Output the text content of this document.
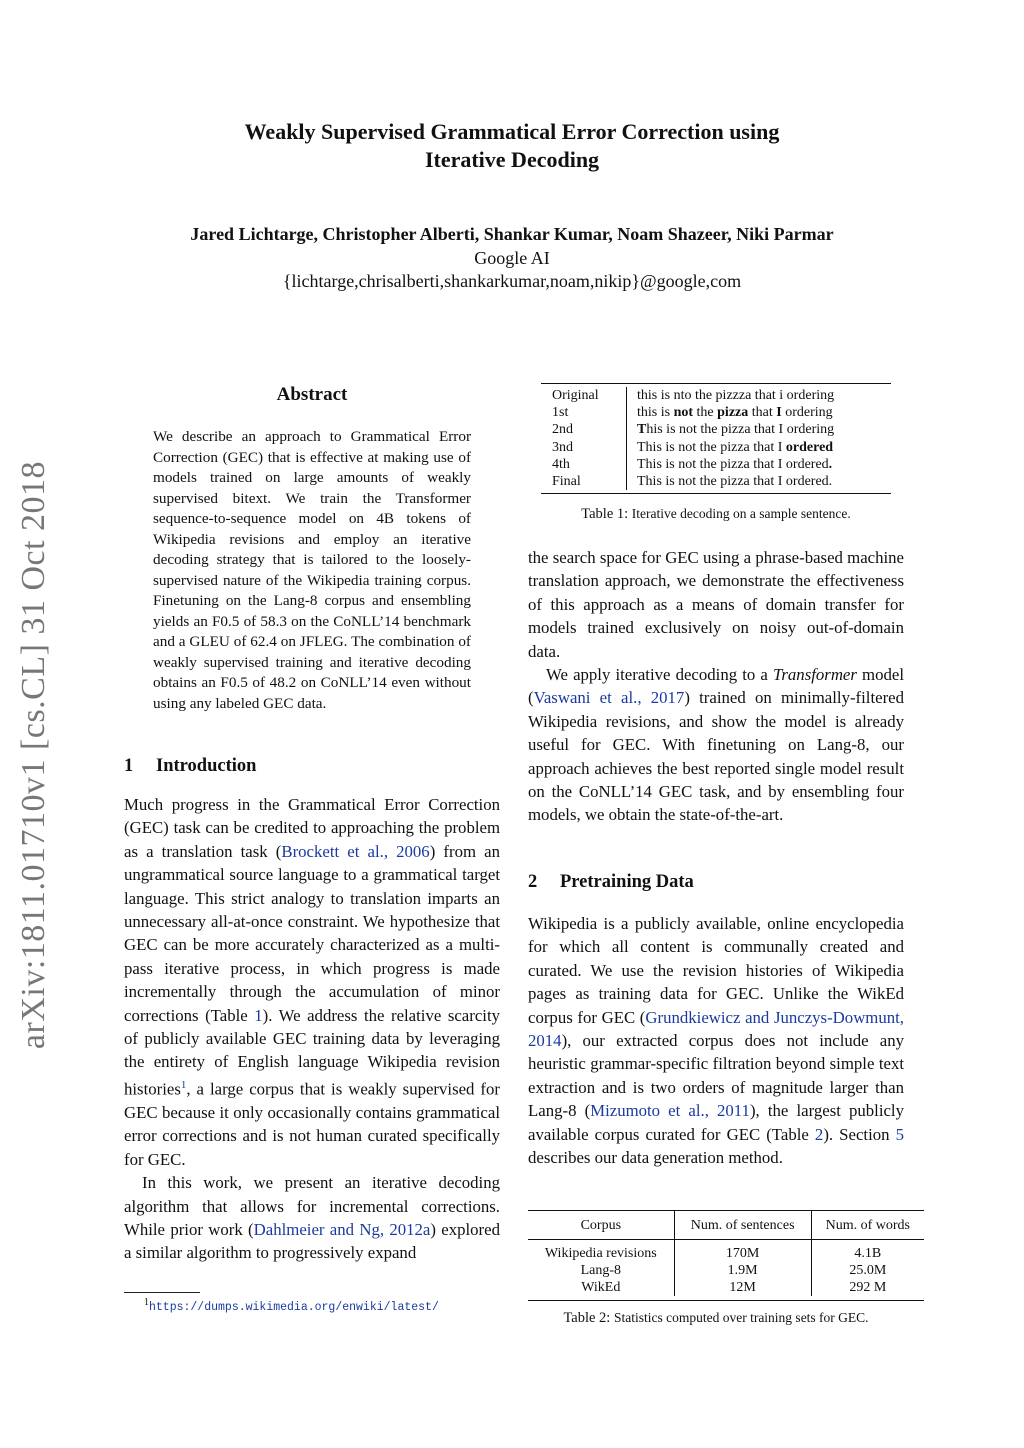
Weakly Supervised Grammatical Error Correction using
Iterative Decoding
Jared Lichtarge, Christopher Alberti, Shankar Kumar, Noam Shazeer, Niki Parmar
Google AI
{lichtarge,chrisalberti,shankarkumar,noam,nikip}@google,com
arXiv:1811.01710v1 [cs.CL] 31 Oct 2018
Abstract
We describe an approach to Grammatical Error Correction (GEC) that is effective at making use of models trained on large amounts of weakly supervised bitext. We train the Transformer sequence-to-sequence model on 4B tokens of Wikipedia revisions and employ an iterative decoding strategy that is tailored to the loosely-supervised nature of the Wikipedia training corpus. Finetuning on the Lang-8 corpus and ensembling yields an F0.5 of 58.3 on the CoNLL’14 benchmark and a GLEU of 62.4 on JFLEG. The combination of weakly supervised training and iterative decoding obtains an F0.5 of 48.2 on CoNLL’14 even without using any labeled GEC data.
1 Introduction

Much progress in the Grammatical Error Correction (GEC) task can be credited to approaching the problem as a translation task (Brockett et al., 2006) from an ungrammatical source language to a grammatical target language. This strict analogy to translation imparts an unnecessary all-at-once constraint. We hypothesize that GEC can be more accurately characterized as a multi-pass iterative process, in which progress is made incrementally through the accumulation of minor corrections (Table 1). We address the relative scarcity of publicly available GEC training data by leveraging the entirety of English language Wikipedia revision histories$^1$, a large corpus that is weakly supervised for GEC because it only occasionally contains grammatical error corrections and is not human curated specifically for GEC.

In this work, we present an iterative decoding algorithm that allows for incremental corrections. While prior work (Dahlmeier and Ng, 2012a) explored a similar algorithm to progressively expand

$^1$https://dumps.wikimedia.org/enwiki/latest/
Original	this is nto the pizzza that i ordering
1st	this is not the pizza that I ordering
2nd	This is not the pizza that I ordering
3nd	This is not the pizza that I ordered
4th	This is not the pizza that I ordered.
Final	This is not the pizza that I ordered.
Table 1: Iterative decoding on a sample sentence.

the search space for GEC using a phrase-based machine translation approach, we demonstrate the effectiveness of this approach as a means of domain transfer for models trained exclusively on noisy out-of-domain data.

We apply iterative decoding to a Transformer model (Vaswani et al., 2017) trained on minimally-filtered Wikipedia revisions, and show the model is already useful for GEC. With finetuning on Lang-8, our approach achieves the best reported single model result on the CoNLL’14 GEC task, and by ensembling four models, we obtain the state-of-the-art.

2 Pretraining Data

Wikipedia is a publicly available, online encyclopedia for which all content is communally created and curated. We use the revision histories of Wikipedia pages as training data for GEC. Unlike the WikEd corpus for GEC (Grundkiewicz and Junczys-Dowmunt, 2014), our extracted corpus does not include any heuristic grammar-specific filtration beyond simple text extraction and is two orders of magnitude larger than Lang-8 (Mizumoto et al., 2011), the largest publicly available corpus curated for GEC (Table 2). Section 5 describes our data generation method.

Corpus	Num. of sentences	Num. of words
Wikipedia revisions	170M	4.1B
Lang-8	1.9M	25.0M
WikEd	12M	292 M
Table 2: Statistics computed over training sets for GEC.
